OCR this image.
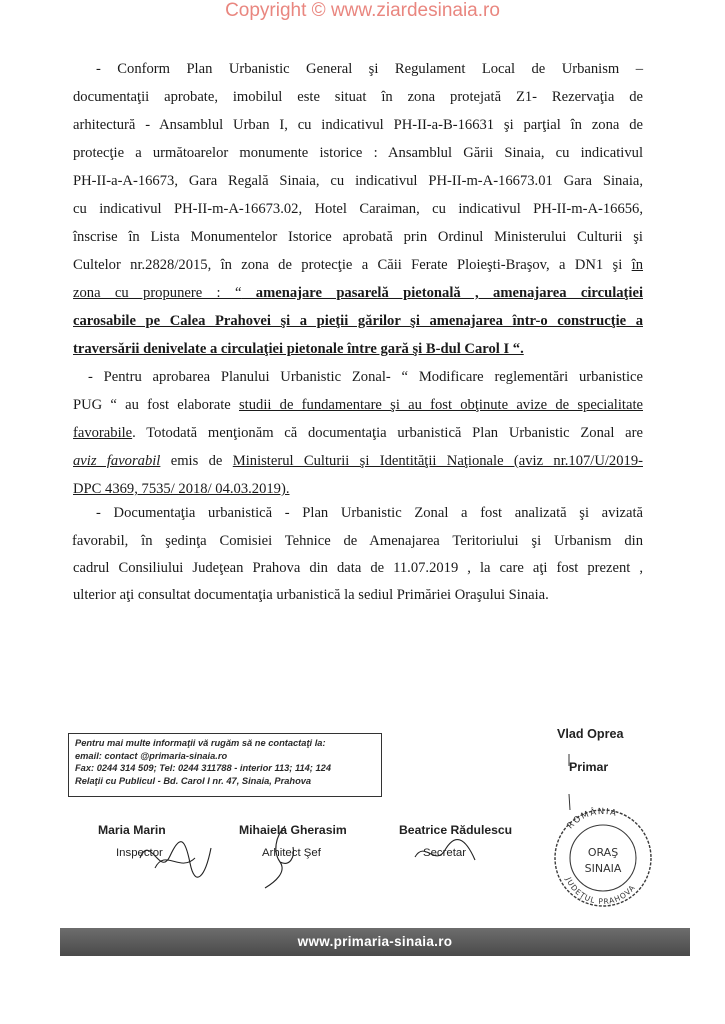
Copyright © www.ziardesinaia.ro
- Conform Plan Urbanistic General şi Regulament Local de Urbanism –
documentaţii aprobate, imobilul este situat în zona protejată Z1- Rezervaţia de
arhitectură - Ansamblul Urban I, cu indicativul PH-II-a-B-16631 şi parţial în zona de
protecţie a următoarelor monumente istorice : Ansamblul Gării Sinaia, cu indicativul
PH-II-a-A-16673, Gara Regală Sinaia, cu indicativul PH-II-m-A-16673.01 Gara Sinaia,
cu indicativul PH-II-m-A-16673.02, Hotel Caraiman, cu indicativul PH-II-m-A-16656,
înscrise în Lista Monumentelor Istorice aprobată prin Ordinul Ministerului Culturii şi
Cultelor nr.2828/2015, în zona de protecţie a Căii Ferate Ploieşti-Braşov, a DN1 şi în
zona cu propunere : “ amenajare pasarelă pietonală , amenajarea circulaţiei
carosabile pe Calea Prahovei şi a pieţii gărilor şi amenajarea într-o construcţie a
traversării denivelate a circulaţiei pietonale între gară şi B-dul Carol I “.
- Pentru aprobarea Planului Urbanistic Zonal- “ Modificare reglementări urbanistice
PUG “ au fost elaborate studii de fundamentare şi au fost obţinute avize de specialitate
favorabile. Totodată menţionăm că documentaţia urbanistică Plan Urbanistic Zonal are
aviz favorabil emis de Ministerul Culturii şi Identităţii Naţionale (aviz nr.107/U/2019-
DPC 4369, 7535/ 2018/ 04.03.2019).
- Documentaţia urbanistică - Plan Urbanistic Zonal a fost analizată şi avizată
favorabil, în şedinţa Comisiei Tehnice de Amenajarea Teritoriului şi Urbanism din
cadrul Consiliului Judeţean Prahova din data de 11.07.2019 , la care aţi fost prezent ,
ulterior aţi consultat documentaţia urbanistică la sediul Primăriei Oraşului Sinaia.
Vlad Oprea
Primar
Pentru mai multe informaţii vă rugăm să ne contactaţi la:
email: contact @primaria-sinaia.ro
Fax: 0244 314 509; Tel: 0244 311788 - interior 113; 114; 124
Relaţii cu Publicul - Bd. Carol I nr. 47, Sinaia, Prahova
Maria Marin
Inspector
Mihaiela Gherasim
Arhitect Şef
Beatrice Rădulescu
Secretar
ROMÂNIA
JUDEŢUL PRAHOVA
ORAŞ
SINAIA
www.primaria-sinaia.ro
